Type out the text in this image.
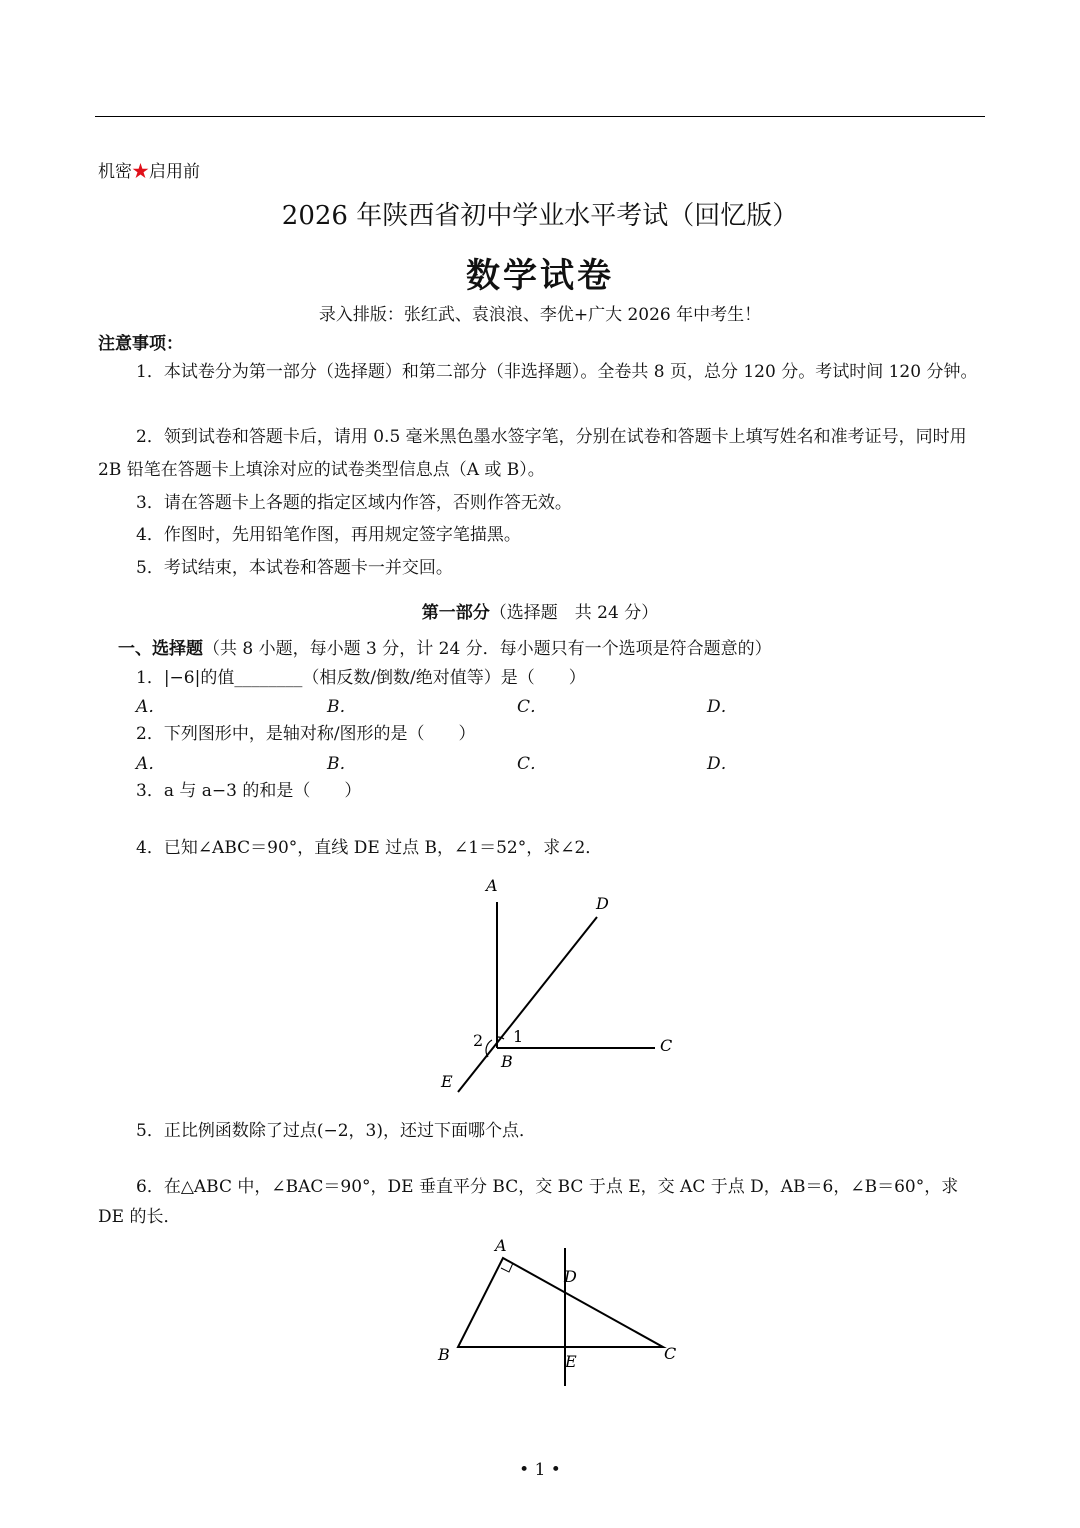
机密★启用前
2026 年陕西省初中学业水平考试（回忆版）
数学试卷
录入排版：张红武、袁浪浪、李优+广大 2026 年中考生！
注意事项：
1．本试卷分为第一部分（选择题）和第二部分（非选择题）。全卷共 8 页，总分 120 分。考试时间 120 分钟。
2．领到试卷和答题卡后，请用 0.5 毫米黑色墨水签字笔，分别在试卷和答题卡上填写姓名和准考证号，同时用 2B 铅笔在答题卡上填涂对应的试卷类型信息点（A 或 B）。
3．请在答题卡上各题的指定区域内作答，否则作答无效。
4．作图时，先用铅笔作图，再用规定签字笔描黑。
5．考试结束，本试卷和答题卡一并交回。
第一部分（选择题　共 24 分）
一、选择题（共 8 小题，每小题 3 分，计 24 分．每小题只有一个选项是符合题意的）
1．|−6|的值________（相反数/倒数/绝对值等）是（　　）
A．	B．	C．	D．
2．下列图形中，是轴对称/图形的是（　　）
A．	B．	C．	D．
3．a 与 a−3 的和是（　　）
4．已知∠ABC＝90°，直线 DE 过点 B，∠1＝52°，求∠2．
A
D
C
B
E
1
2
5．正比例函数除了过点(−2，3)，还过下面哪个点．
6．在△ABC 中，∠BAC＝90°，DE 垂直平分 BC，交 BC 于点 E，交 AC 于点 D，AB＝6，∠B＝60°，求 DE 的长．
A
D
B	E	C
• 1 •
